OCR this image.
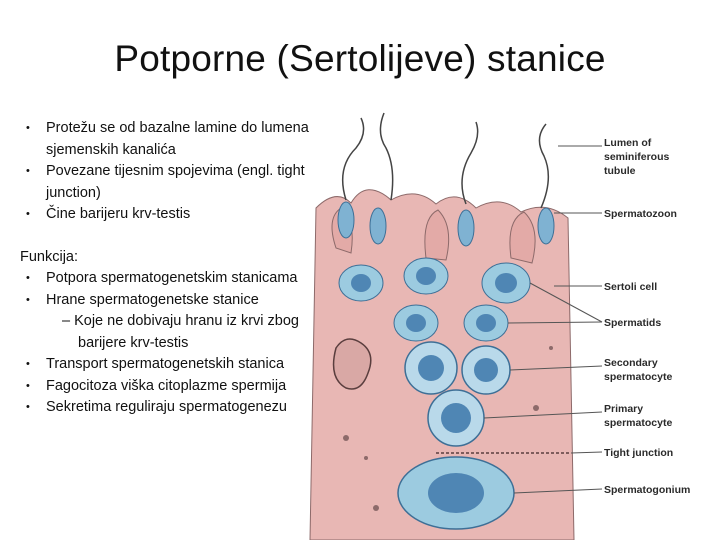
Potporne (Sertolijeve) stanice
• Protežu se od bazalne lamine do lumena sjemenskih kanalića
• Povezane tijesnim spojevima (engl. tight junction)
• Čine barijeru krv-testis
Funkcija:
• Potpora spermatogenetskim stanicama
• Hrane spermatogenetske stanice
– Koje ne dobivaju hranu iz krvi zbog barijere krv-testis
• Transport spermatogenetskih stanica
• Fagocitoza viška citoplazme spermija
• Sekretima reguliraju spermatogenezu
Lumen of
seminiferous
tubule
Spermatozoon
Sertoli cell
Spermatids
Secondary
spermatocyte
Primary
spermatocyte
Tight junction
Spermatogonium
